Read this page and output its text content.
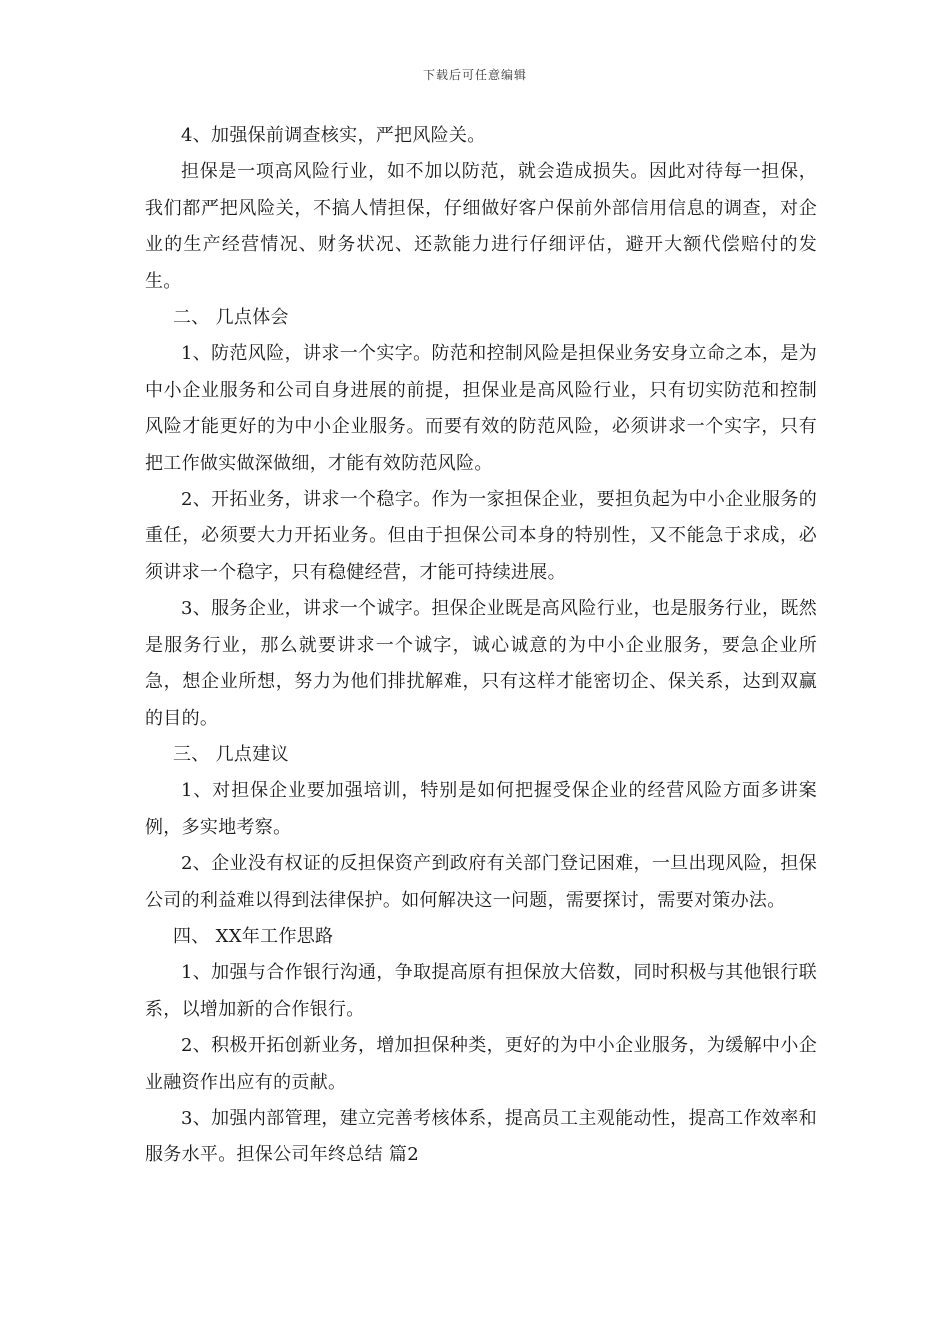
下载后可任意编辑

4、加强保前调查核实，严把风险关。

担保是一项高风险行业，如不加以防范，就会造成损失。因此对待每一担保，我们都严把风险关，不搞人情担保，仔细做好客户保前外部信用信息的调查，对企业的生产经营情况、财务状况、还款能力进行仔细评估，避开大额代偿赔付的发生。

二、 几点体会

1、防范风险，讲求一个实字。防范和控制风险是担保业务安身立命之本，是为中小企业服务和公司自身进展的前提，担保业是高风险行业，只有切实防范和控制风险才能更好的为中小企业服务。而要有效的防范风险，必须讲求一个实字，只有把工作做实做深做细，才能有效防范风险。

2、开拓业务，讲求一个稳字。作为一家担保企业，要担负起为中小企业服务的重任，必须要大力开拓业务。但由于担保公司本身的特别性，又不能急于求成，必须讲求一个稳字，只有稳健经营，才能可持续进展。

3、服务企业，讲求一个诚字。担保企业既是高风险行业，也是服务行业，既然是服务行业，那么就要讲求一个诚字，诚心诚意的为中小企业服务，要急企业所急，想企业所想，努力为他们排扰解难，只有这样才能密切企、保关系，达到双赢的目的。

三、 几点建议

1、对担保企业要加强培训，特别是如何把握受保企业的经营风险方面多讲案例，多实地考察。

2、企业没有权证的反担保资产到政府有关部门登记困难，一旦出现风险，担保公司的利益难以得到法律保护。如何解决这一问题，需要探讨，需要对策办法。

四、 XX年工作思路

1、加强与合作银行沟通，争取提高原有担保放大倍数，同时积极与其他银行联系，以增加新的合作银行。

2、积极开拓创新业务，增加担保种类，更好的为中小企业服务，为缓解中小企业融资作出应有的贡献。

3、加强内部管理，建立完善考核体系，提高员工主观能动性，提高工作效率和服务水平。担保公司年终总结 篇2
